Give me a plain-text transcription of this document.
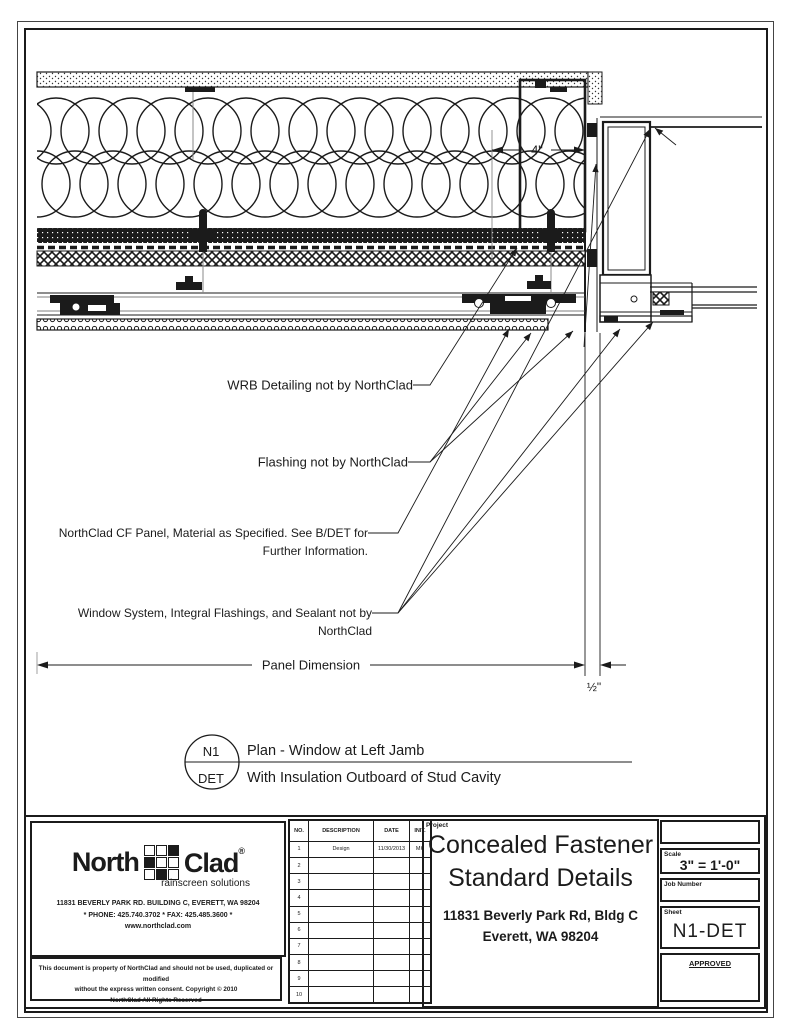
4"
WRB Detailing not by NorthClad
Flashing not by NorthClad
NorthClad CF Panel, Material as Specified. See B/DET for
Further Information.
Window System, Integral Flashings, and Sealant not by
NorthClad
Panel Dimension
½"
N1
DET
Plan - Window at Left Jamb
With Insulation Outboard of Stud Cavity
North Clad®
rainscreen solutions
11831 BEVERLY PARK RD. BUILDING C, EVERETT, WA 98204
* PHONE: 425.740.3702 * FAX: 425.485.3600 *
www.northclad.com
This document is property of NorthClad and should not be used, duplicated or modified
without the express written consent. Copyright © 2010
NorthClad All Rights Reserved
NO.	DESCRIPTION	DATE	INIT.
1	Design	11/30/2013	MK
2			
3			
4			
5			
6			
7			
8			
9			
10			
Project
Concealed Fastener Standard Details
11831 Beverly Park Rd, Bldg C
Everett, WA 98204
Scale
3" = 1'-0"
Job Number
Sheet
N1-DET
APPROVED
